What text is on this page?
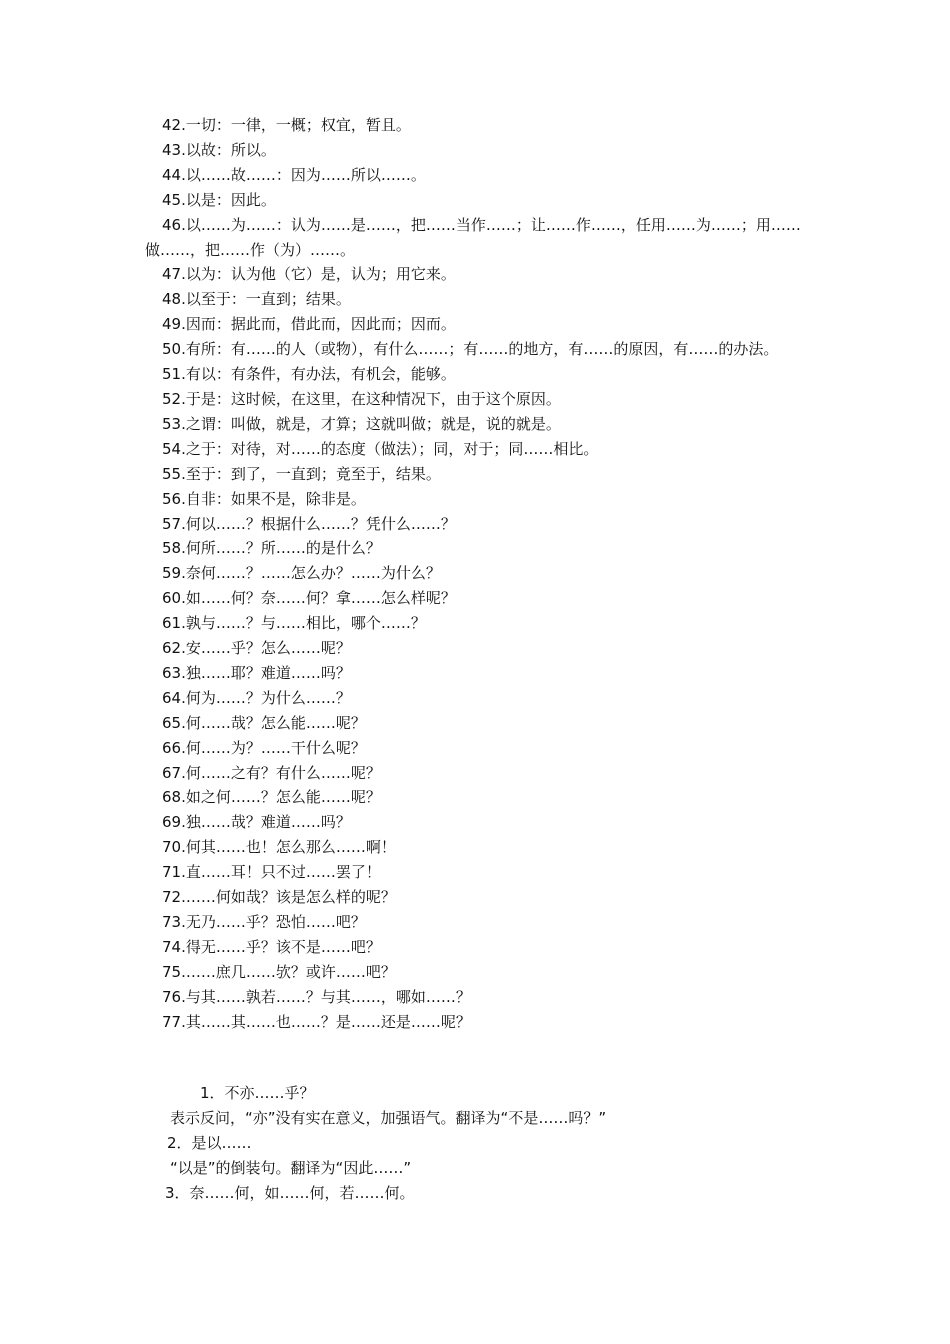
42.一切：一律，一概；权宜，暂且。
43.以故：所以。
44.以……故……：因为……所以……。
45.以是：因此。
46.以……为……：认为……是……，把……当作……；让……作……，任用……为……；用……做……，把……作（为）……。
47.以为：认为他（它）是，认为；用它来。
48.以至于：一直到；结果。
49.因而：据此而，借此而，因此而；因而。
50.有所：有……的人（或物），有什么……；有……的地方，有……的原因，有……的办法。
51.有以：有条件，有办法，有机会，能够。
52.于是：这时候，在这里，在这种情况下，由于这个原因。
53.之谓：叫做，就是，才算；这就叫做；就是，说的就是。
54.之于：对待，对……的态度（做法）；同，对于；同……相比。
55.至于：到了，一直到；竟至于，结果。
56.自非：如果不是，除非是。
57.何以……？根据什么……？凭什么……？
58.何所……？所……的是什么？
59.奈何……？……怎么办？……为什么？
60.如……何？奈……何？拿……怎么样呢？
61.孰与……？与……相比，哪个……？
62.安……乎？怎么……呢？
63.独……耶？难道……吗？
64.何为……？为什么……？
65.何……哉？怎么能……呢？
66.何……为？……干什么呢？
67.何……之有？有什么……呢？
68.如之何……？怎么能……呢？
69.独……哉？难道……吗？
70.何其……也！怎么那么……啊！
71.直……耳！只不过……罢了！
72.……何如哉？该是怎么样的呢？
73.无乃……乎？恐怕……吧？
74.得无……乎？该不是……吧？
75.……庶几……欤？或许……吧？
76.与其……孰若……？与其……，哪如……？
77.其……其……也……？是……还是……呢？
1．不亦……乎？
表示反问，“亦”没有实在意义，加强语气。翻译为“不是……吗？”
2．是以……
“以是”的倒装句。翻译为“因此……”
3．奈……何，如……何，若……何。
